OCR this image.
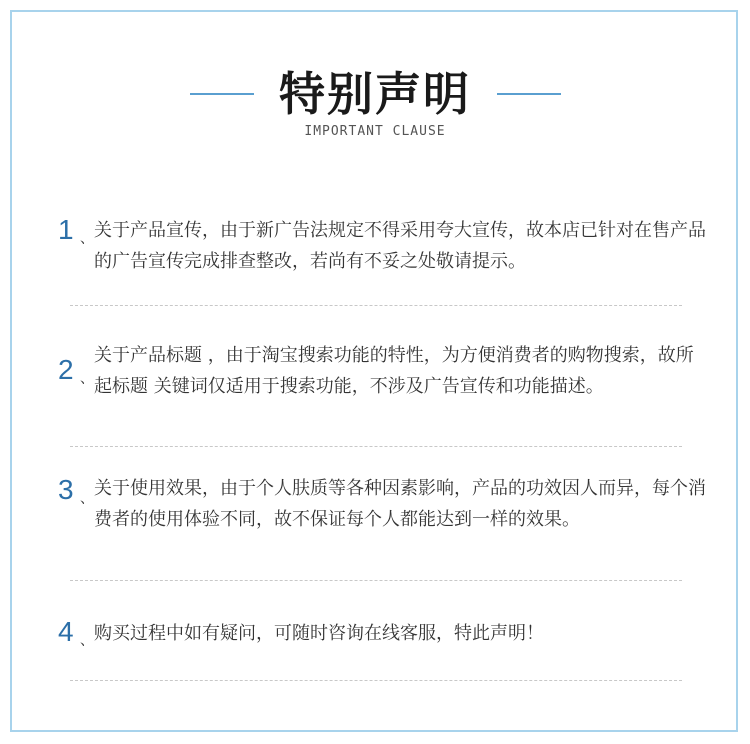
特别声明
IMPORTANT CLAUSE
1 、 关于产品宣传，由于新广告法规定不得采用夸大宣传，故本店已针对在售产品的广告宣传完成排查整改，若尚有不妥之处敬请提示。
2 、
关于产品标题 ，由于淘宝搜索功能的特性，为方便消费者的购物搜索，故所起标题 关键词仅适用于搜索功能，不涉及广告宣传和功能描述。
3 、 关于使用效果，由于个人肤质等各种因素影响，产品的功效因人而异，每个消费者的使用体验不同，故不保证每个人都能达到一样的效果。
4 、 购买过程中如有疑问，可随时咨询在线客服，特此声明！
